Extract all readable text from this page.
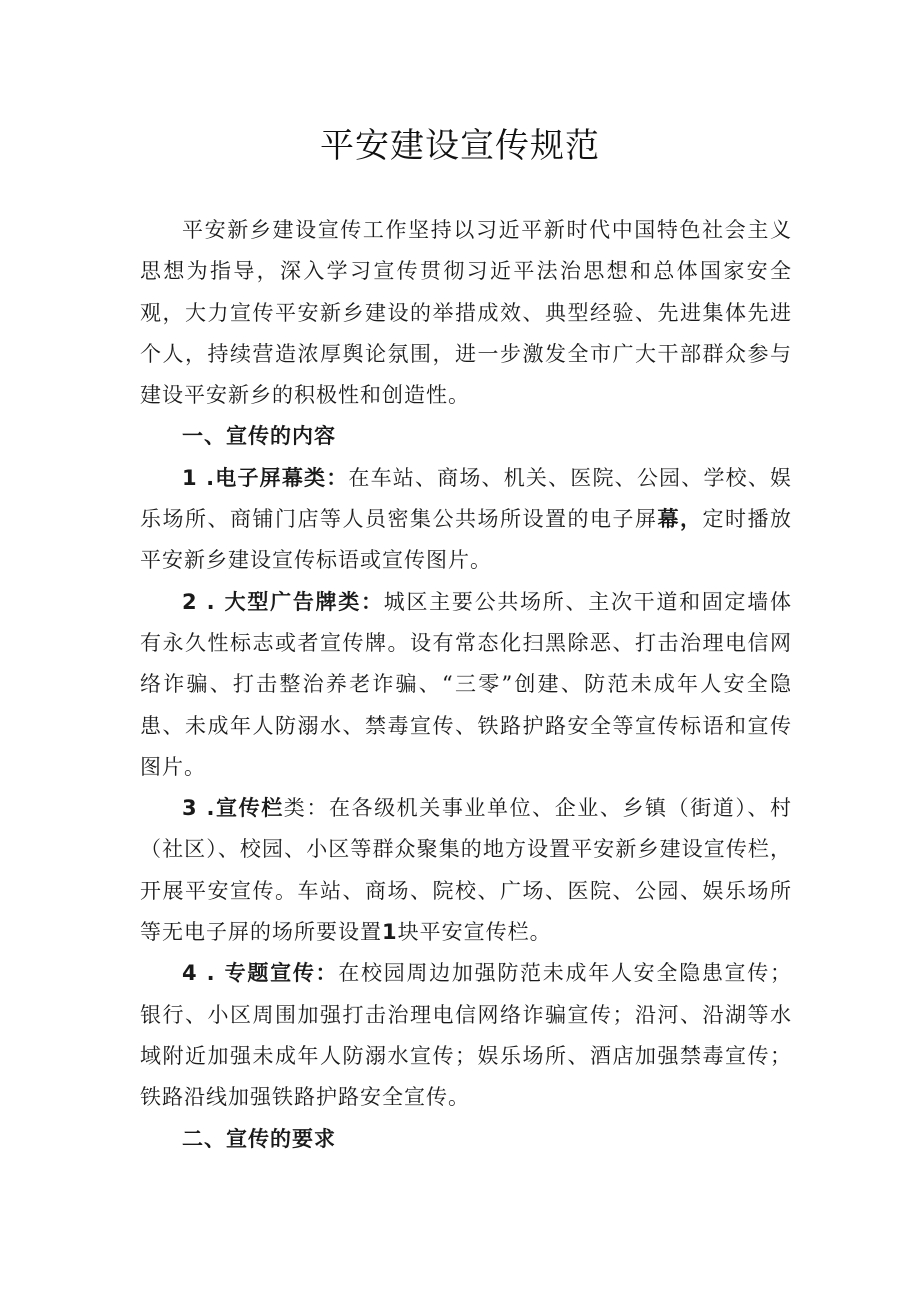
平安建设宣传规范

平安新乡建设宣传工作坚持以习近平新时代中国特色社会主义思想为指导，深入学习宣传贯彻习近平法治思想和总体国家安全观，大力宣传平安新乡建设的举措成效、典型经验、先进集体先进个人，持续营造浓厚舆论氛围，进一步激发全市广大干部群众参与建设平安新乡的积极性和创造性。

一、宣传的内容

1 .电子屏幕类：在车站、商场、机关、医院、公园、学校、娱乐场所、商铺门店等人员密集公共场所设置的电子屏幕，定时播放平安新乡建设宣传标语或宣传图片。

2 . 大型广告牌类：城区主要公共场所、主次干道和固定墙体有永久性标志或者宣传牌。设有常态化扫黑除恶、打击治理电信网络诈骗、打击整治养老诈骗、“三零”创建、防范未成年人安全隐患、未成年人防溺水、禁毒宣传、铁路护路安全等宣传标语和宣传图片。

3 .宣传栏类：在各级机关事业单位、企业、乡镇（街道）、村（社区）、校园、小区等群众聚集的地方设置平安新乡建设宣传栏，开展平安宣传。车站、商场、院校、广场、医院、公园、娱乐场所等无电子屏的场所要设置1块平安宣传栏。

4 . 专题宣传：在校园周边加强防范未成年人安全隐患宣传；银行、小区周围加强打击治理电信网络诈骗宣传；沿河、沿湖等水域附近加强未成年人防溺水宣传；娱乐场所、酒店加强禁毒宣传；铁路沿线加强铁路护路安全宣传。

二、宣传的要求
